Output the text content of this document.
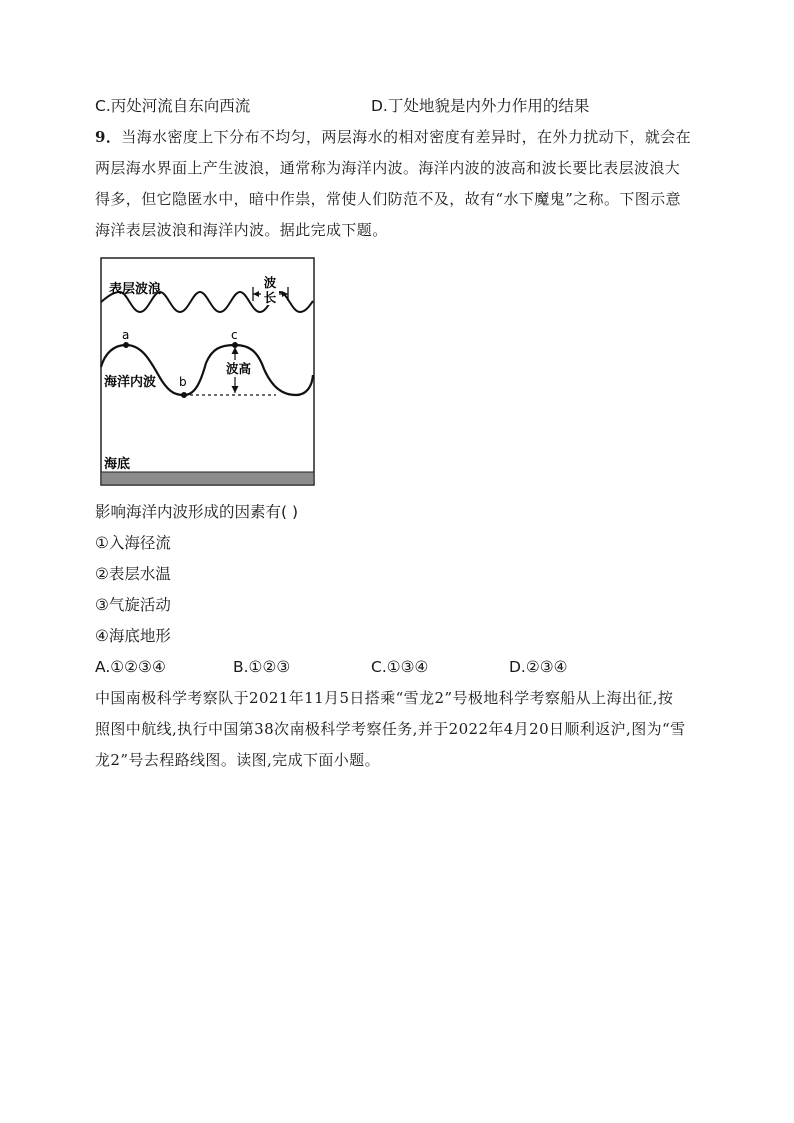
C.丙处河流自东向西流	D.丁处地貌是内外力作用的结果
9．当海水密度上下分布不均匀，两层海水的相对密度有差异时，在外力扰动下，就会在
两层海水界面上产生波浪，通常称为海洋内波。海洋内波的波高和波长要比表层波浪大
得多，但它隐匿水中，暗中作祟，常使人们防范不及，故有“水下魔鬼”之称。下图示意
海洋表层波浪和海洋内波。据此完成下题。
波
长
表层波浪
波高
a
b
c
海洋内波
海底
影响海洋内波形成的因素有( )
①入海径流
②表层水温
③气旋活动
④海底地形
A.①②③④	B.①②③	C.①③④	D.②③④
中国南极科学考察队于2021年11月5日搭乘“雪龙2”号极地科学考察船从上海出征,按
照图中航线,执行中国第38次南极科学考察任务,并于2022年4月20日顺利返沪,图为“雪
龙2”号去程路线图。读图,完成下面小题。
